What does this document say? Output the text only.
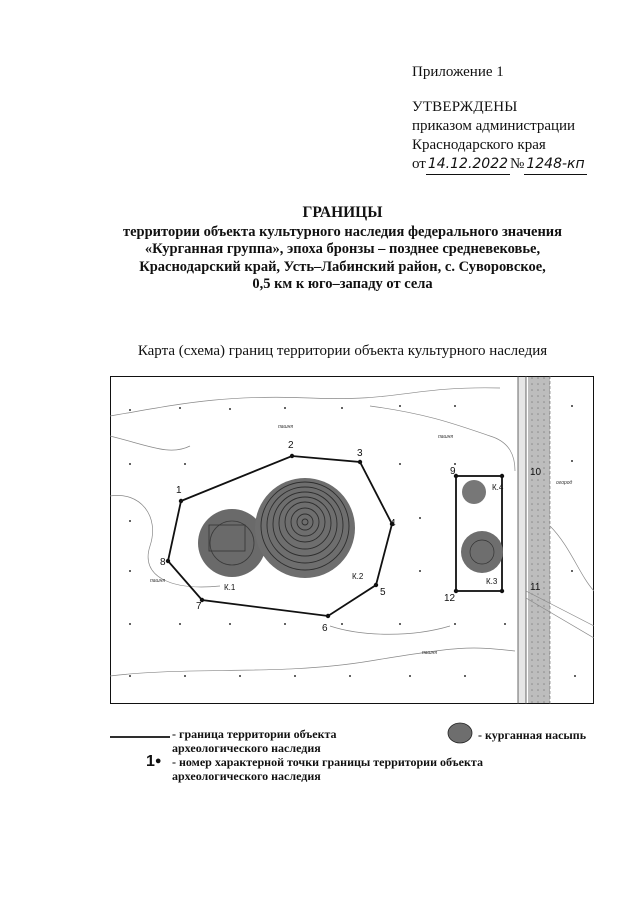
Приложение 1
УТВЕРЖДЕНЫ
приказом администрации
Краснодарского края
от 14.12.2022 № 1248-кп
ГРАНИЦЫ
территории объекта культурного наследия федерального значения
«Курганная группа», эпоха бронзы – позднее средневековье,
Краснодарский край, Усть–Лабинский район, с. Суворовское,
0,5 км к юго–западу от села
Карта (схема) границ территории объекта культурного наследия
1
2
3
4
5
6
7
8
9	10
11
12
К.1
К.2
К.3
К.4
пашня
пашня
пашня
пашня
огород
- граница территории объекта археологического наследия
- курганная насыпь
1● - номер характерной точки границы территории объекта археологического наследия
